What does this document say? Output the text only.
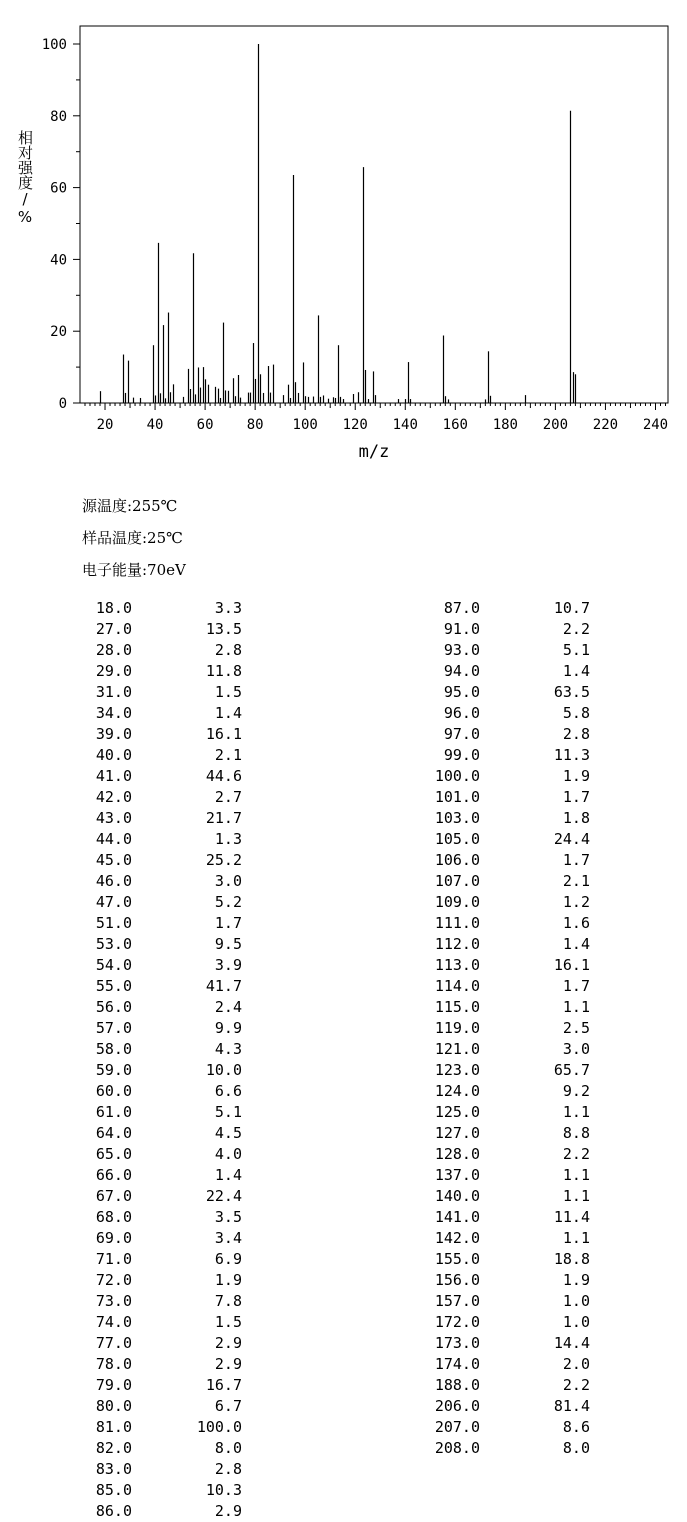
20 40 60 80 100 120 140 160 180 200 220 240
0
20
40
60
80
100
m/z
相对强度/%
源温度:255℃
样品温度:25℃
电子能量:70eV
18.0	3.3
27.0	13.5
28.0	2.8
29.0	11.8
31.0	1.5
34.0	1.4
39.0	16.1
40.0	2.1
41.0	44.6
42.0	2.7
43.0	21.7
44.0	1.3
45.0	25.2
46.0	3.0
47.0	5.2
51.0	1.7
53.0	9.5
54.0	3.9
55.0	41.7
56.0	2.4
57.0	9.9
58.0	4.3
59.0	10.0
60.0	6.6
61.0	5.1
64.0	4.5
65.0	4.0
66.0	1.4
67.0	22.4
68.0	3.5
69.0	3.4
71.0	6.9
72.0	1.9
73.0	7.8
74.0	1.5
77.0	2.9
78.0	2.9
79.0	16.7
80.0	6.7
81.0	100.0
82.0	8.0
83.0	2.8
85.0	10.3
86.0	2.9
87.0	10.7
91.0	2.2
93.0	5.1
94.0	1.4
95.0	63.5
96.0	5.8
97.0	2.8
99.0	11.3
100.0	1.9
101.0	1.7
103.0	1.8
105.0	24.4
106.0	1.7
107.0	2.1
109.0	1.2
111.0	1.6
112.0	1.4
113.0	16.1
114.0	1.7
115.0	1.1
119.0	2.5
121.0	3.0
123.0	65.7
124.0	9.2
125.0	1.1
127.0	8.8
128.0	2.2
137.0	1.1
140.0	1.1
141.0	11.4
142.0	1.1
155.0	18.8
156.0	1.9
157.0	1.0
172.0	1.0
173.0	14.4
174.0	2.0
188.0	2.2
206.0	81.4
207.0	8.6
208.0	8.0
